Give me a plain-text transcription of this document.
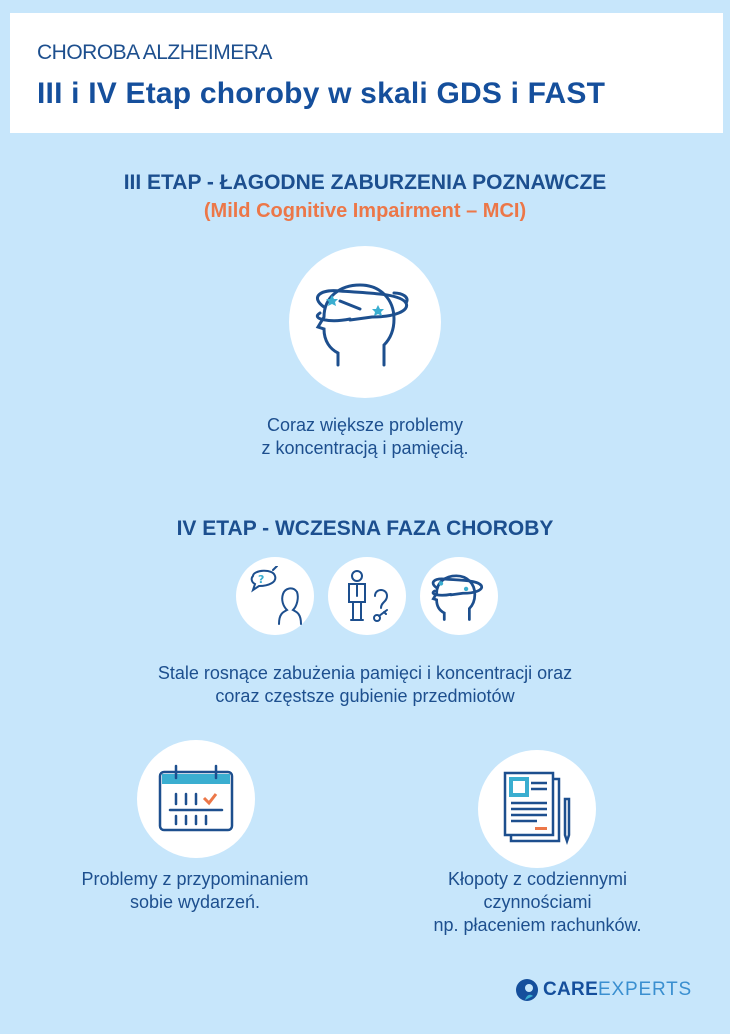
CHOROBA ALZHEIMERA
III i IV Etap choroby w skali GDS i FAST
III ETAP - ŁAGODNE ZABURZENIA POZNAWCZE
(Mild Cognitive Impairment – MCI)
Coraz większe problemy
z koncentracją i pamięcią.
IV ETAP - WCZESNA FAZA CHOROBY
?
Stale rosnące zabużenia pamięci i koncentracji oraz
coraz częstsze gubienie przedmiotów
Problemy z przypominaniem
sobie wydarzeń.
Kłopoty z codziennymi
czynnościami
np. płaceniem rachunków.
CARE EXPERTS
